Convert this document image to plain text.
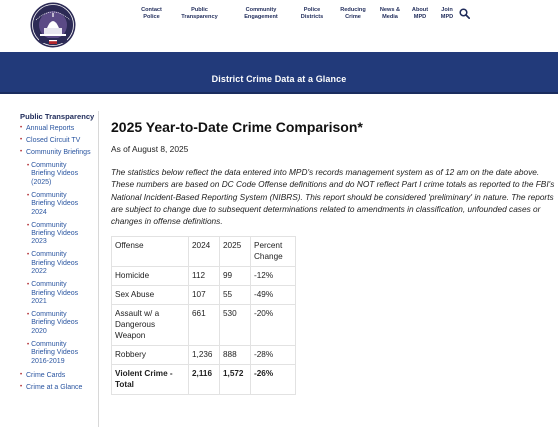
Contact
Police
Public
Transparency
Community
Engagement
Police
Districts
Reducing
Crime
News &
Media
About
MPD
Join
MPD
District Crime Data at a Glance
Public Transparency
• Annual Reports
• Closed Circuit TV
• Community Briefings
• Community Briefing Videos (2025)
• Community Briefing Videos 2024
• Community Briefing Videos 2023
• Community Briefing Videos 2022
• Community Briefing Videos 2021
• Community Briefing Videos 2020
• Community Briefing Videos 2016-2019
• Crime Cards
• Crime at a Glance
2025 Year-to-Date Crime Comparison*
As of August 8, 2025
The statistics below reflect the data entered into MPD's records management system as of 12 am on the date above. These numbers are based on DC Code Offense definitions and do NOT reflect Part I crime totals as reported to the FBI's National Incident-Based Reporting System (NIBRS). This report should be considered 'preliminary' in nature. The reports are subject to change due to subsequent determinations related to amendments in classification, unfounded cases or changes in offense definitions.
Offense	2024	2025	Percent Change
Homicide	112	99	-12%
Sex Abuse	107	55	-49%
Assault w/ a Dangerous Weapon	661	530	-20%
Robbery	1,236	888	-28%
Violent Crime - Total	2,116	1,572	-26%
